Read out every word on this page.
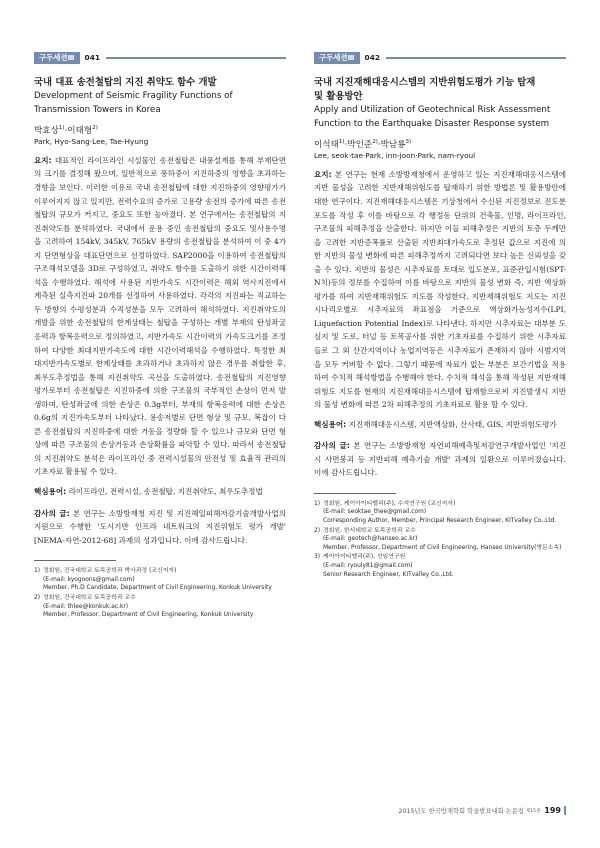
구두세션Ⅲ	041

국내 대표 송전철탑의 지진 취약도 함수 개발

Development of Seismic Fragility Functions of

Transmission Towers in Korea

박효상$^{1)}$·이태형$^{2)}$
Park, Hyo-Sang·Lee, Tae-Hyung

요지: 대표적인 라이프라인 시설물인 송전철탑은 내풍설계를 통해 부재단면의 크기를 결정해 왔으며, 일반적으로 풍하중이 지진하중의 영향을 초과하는 경향을 보인다. 이러한 이유로 국내 송전철탑에 대한 지진하중의 영향평가가 이루어지지 않고 있지만, 전력수요의 증가로 고용량 송전의 증가에 따른 송전철탑의 규모가 커지고, 중요도 또한 높아졌다. 본 연구에서는 송전철탑의 지진취약도를 분석하였다. 국내에서 운용 중인 송전철탑의 중요도 및사용수명을 고려하여 154kV, 345kV, 765kV 용량의 송전철탑을 분석하여 이 중 4가지 단면형상을 대표단면으로 선정하였다. SAP2000을 이용하여 송전철탑의 구조해석모델을 3D로 구성하였고, 취약도 함수를 도출하기 위한 시간이력해석을 수행하였다. 해석에 사용된 지반가속도 시간이력은 해외 역사지진에서 계측된 실측지진파 20개를 선정하여 사용하였다. 각각의 지진파는 직교하는 두 방향의 수평성분과 수직성분을 모두 고려하여 해석하였다. 지진취약도의 개발을 위한 송전철탑의 한계상태는 철탑을 구성하는 개별 부재의 탄성좌굴응력과 항복응력으로 정의하였고, 지반가속도 시간이력의 가속도크기를 조정하여 다양한 최대지반가속도에 대한 시간이력해석을 수행하였다. 특정한 최대지반가속도별로 한계상태를 초과하거나 초과하지 않은 경우를 취합한 후, 최우도추정법을 통해 지진취약도 곡선을 도출하였다. 송전철탑의 지진영향 평가로부터 송전철탑은 지진하중에 의한 구조물의 국부적인 손상이 먼저 발생하며, 탄성좌굴에 의한 손상은 0.3g부터, 부재의 항복응력에 대한 손상은 0.6g의 지진가속도부터 나타났다. 용송저별로 단면 형상 및 규모, 복잡이 다른 송전철탑의 지진하중에 대한 거동을 정량화 할 수 있으나 규모와 단면 형상에 따른 구조물의 손상거동과 손상확률을 파악할 수 있다. 따라서 송전철탑의 지진취약도 분석은 라이프라인 중 전력시설물의 안전성 및 효율적 관리의 기초자료 활용될 수 있다.

핵심용어: 라이프라인, 전력시설, 송전철탑, 지진취약도, 최우도추정법

감사의 글: 본 연구는 소방방재청 지진 및 지진해일피해저감기술개발사업의 지원으로 수행한 '도시기반 인프라 네트워크의 지진위험도 평가 개발' [NEMA-자연-2012-68] 과제의 성과입니다. 이에 감사드립니다.

1) 정회원, 건국대학교 토목공학과 박사과정 (교신저자)
(E-mail: kyogoons@gmail.com)
Member, Ph.D Candidate, Department of Civil Engineering, Konkuk University
2) 정회원, 건국대학교 토목공학과 교수
(E-mail: thlee@konkuk.ac.kr)
Member, Professor, Department of Civil Engineering, Konkuk University
구두세션Ⅲ	042

국내 지진재해대응시스템의 지반위험도평가 기능 탐재

및 활용방안

Apply and Utilization of Geotechnical Risk Assessment

Function to the Earthquake Disaster Response system

이석태$^{1)}$·박인준$^{2)}$·박남룡$^{3)}$
Lee, seok-tae·Park, inn-joon·Park, nam-ryoul

요지: 본 연구는 현재 소방방재청에서 운영하고 있는 지진재해대응시스템에 지반 물성을 고려한 지반재해위험도를 탑재하기 위한 방법론 및 활용방안에 대한 연구이다. 지진재해대응시스템은 기상청에서 수신된 지진정보로 진도분포도를 작성 후 이를 바탕으로 각 행정동 단위의 건축물, 인명, 라이프라인, 구조물의 피해추정을 산출한다. 하지만 이들 피해추정은 지반의 토층 두께만을 고려한 지반증폭률로 산출된 지반최대가속도로 추정된 값으로 지진에 의한 지반의 물성 변화에 따른 피해추정까지 고려되다면 보다 높은 신뢰성을 갖출 수 있다. 지반의 물성은 시추자료를 토대로 입도분포, 표준관입시험(SPT-N치)등의 정보를 수집하여 이를 바탕으로 지반의 물성 변화 즉, 지반 액상화 평가를 하여 지반재해위험도 지도를 작성한다. 지반재해위험도 지도는 지진시나리오별로 시추자료의 좌표점을 기준으로 액상화가능성지수(LPI, Liquefaction Potential Index)로 나타낸다. 하지만 시추자료는 대부분 도심지 및 도로, 터널 등 토목공사를 위한 기초자료를 수집하기 위한 시추자료들로 그 외 산간지역이나 농업지역등은 시추자료가 존재하지 않아 시범지역을 모두 커버할 수 없다. 그렇기 때문에 자료가 없는 부분은 보간기법을 적용하여 수치적 해석방법을 수행해야 한다. 수치적 해석을 통해 작성된 지반재해위험도 지도를 현재의 지진재해대응시스템에 탑재함으로써 지진발생시 지반의 물성 변화에 따른 2차 피해추정의 기초자료로 활용 할 수 있다.

핵심용어: 지진재해대응시스템, 지반액상화, 산사태, GIS, 지반위험도평가

감사의 글: 본 연구는 소방방재청 자연피해예측및저감연구개발사업인 '지진시 사면붕괴 등 지반피해 예측기술 개발' 과제의 일환으로 이루어졌습니다. 이에 감사드립니다.

1) 정회원, 케이아이티밸리(주), 수석연구원 (교신저자)
(E-mail: seoktae_thee@gmail.com)
Corresponding Author, Member, Principal Research Engineer, KITvalley Co.,Ltd.
2) 정회원, 한서대학교 토목공학과 교수
(E-mail: geotech@hanseo.ac.kr)
Member, Professor, Department of Civil Engineering, Hanseo University(명문소속)
3) 케이아이티밸리(주), 선임연구원
(E-mail: ryouly81@gmail.com)
Senior Research Engineer, KITvalley Co.,Ltd.
2015년도 한국방재학회 학술발표대회 논문집 제15권 199
